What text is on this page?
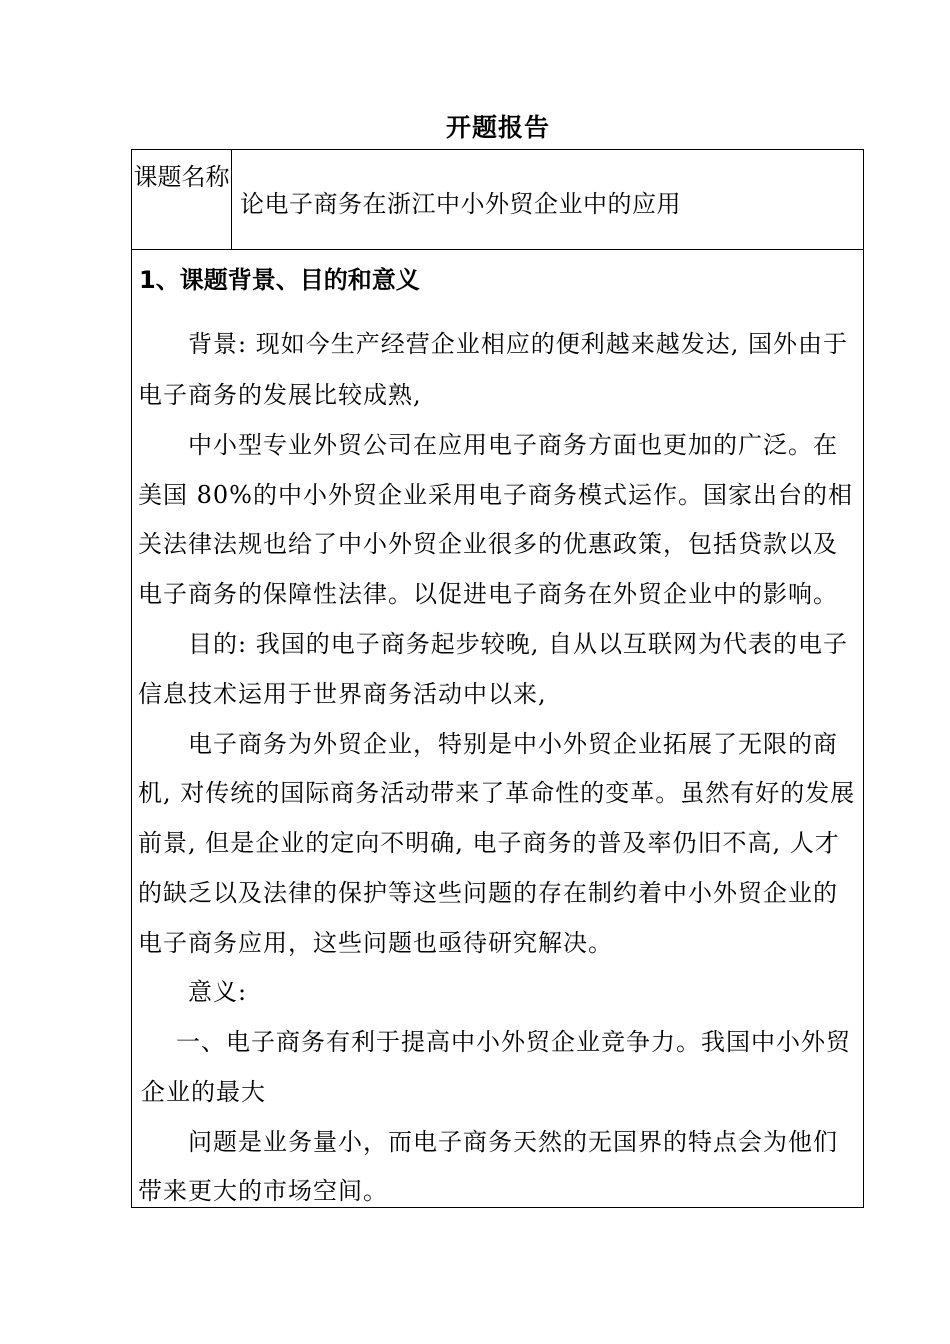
开题报告
课题名称
论电子商务在浙江中小外贸企业中的应用
1、课题背景、目的和意义
背景: 现如今生产经营企业相应的便利越来越发达, 国外由于
电子商务的发展比较成熟,
中小型专业外贸公司在应用电子商务方面也更加的广泛。在
美国 80%的中小外贸企业采用电子商务模式运作。国家出台的相
关法律法规也给了中小外贸企业很多的优惠政策，包括贷款以及
电子商务的保障性法律。以促进电子商务在外贸企业中的影响。
目的: 我国的电子商务起步较晚, 自从以互联网为代表的电子
信息技术运用于世界商务活动中以来,
电子商务为外贸企业，特别是中小外贸企业拓展了无限的商
机, 对传统的国际商务活动带来了革命性的变革。虽然有好的发展
前景, 但是企业的定向不明确, 电子商务的普及率仍旧不高, 人才
的缺乏以及法律的保护等这些问题的存在制约着中小外贸企业的
电子商务应用，这些问题也亟待研究解决。
意义:
一、电子商务有利于提高中小外贸企业竞争力。我国中小外贸
企业的最大
问题是业务量小，而电子商务天然的无国界的特点会为他们
带来更大的市场空间。
